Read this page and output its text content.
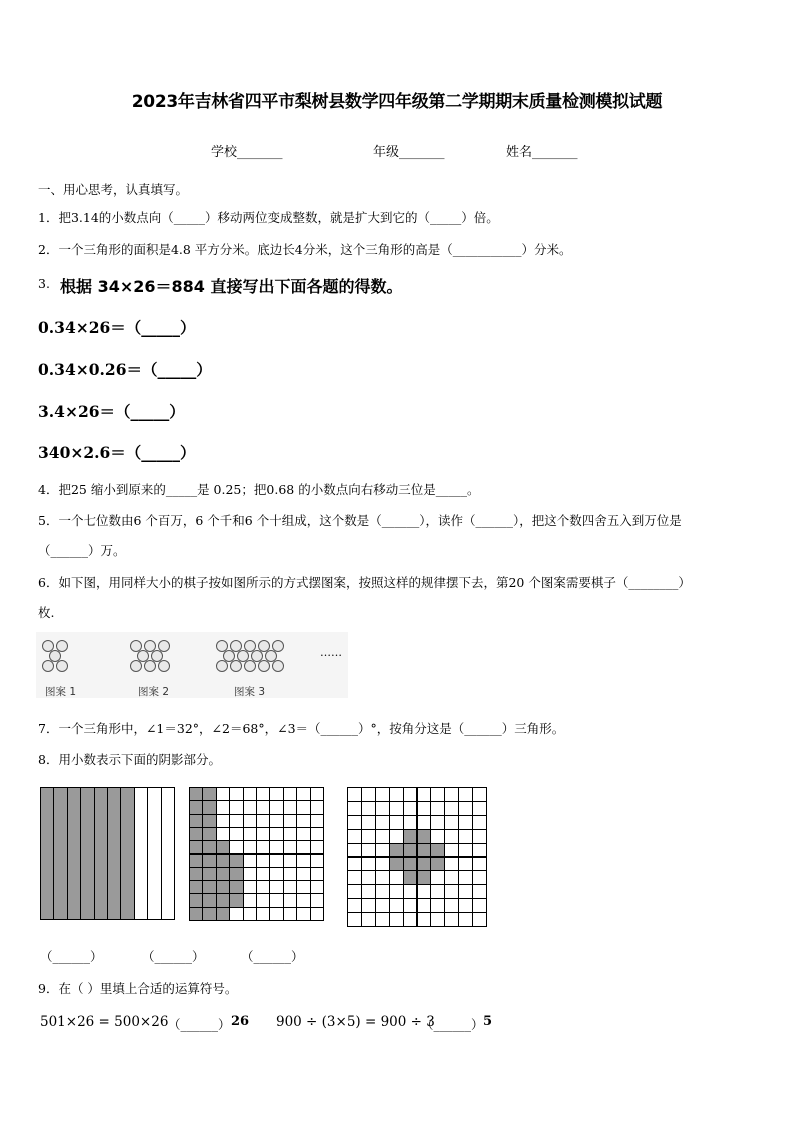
2023年吉林省四平市梨树县数学四年级第二学期期末质量检测模拟试题
学校_______	年级_______	姓名_______
一、用心思考，认真填写。
1．把3.14的小数点向（_____）移动两位变成整数，就是扩大到它的（_____）倍。
2．一个三角形的面积是4.8 平方分米。底边长4分米，这个三角形的高是（___________）分米。
3. 根据 34×26＝884 直接写出下面各题的得数。
0.34×26＝（_____）
0.34×0.26＝（_____）
3.4×26＝（_____）
340×2.6＝（_____）
4．把25 缩小到原来的_____是 0.25；把0.68 的小数点向右移动三位是_____。
5．一个七位数由6 个百万，6 个千和6 个十组成，这个数是（______），读作（______），把这个数四舍五入到万位是
（______）万。
6．如下图，用同样大小的棋子按如图所示的方式摆图案，按照这样的规律摆下去，第20 个图案需要棋子（________）
枚.
……
图案 1	图案 2	图案 3
7．一个三角形中，∠1＝32°，∠2＝68°，∠3＝（______）°，按角分这是（______）三角形。
8．用小数表示下面的阴影部分。
（______）	（______）	（______）
9．在（ ）里填上合适的运算符号。
501×26 = 500×26 （______） 26 900 ÷ (3×5) = 900 ÷ 3
（______） 5
